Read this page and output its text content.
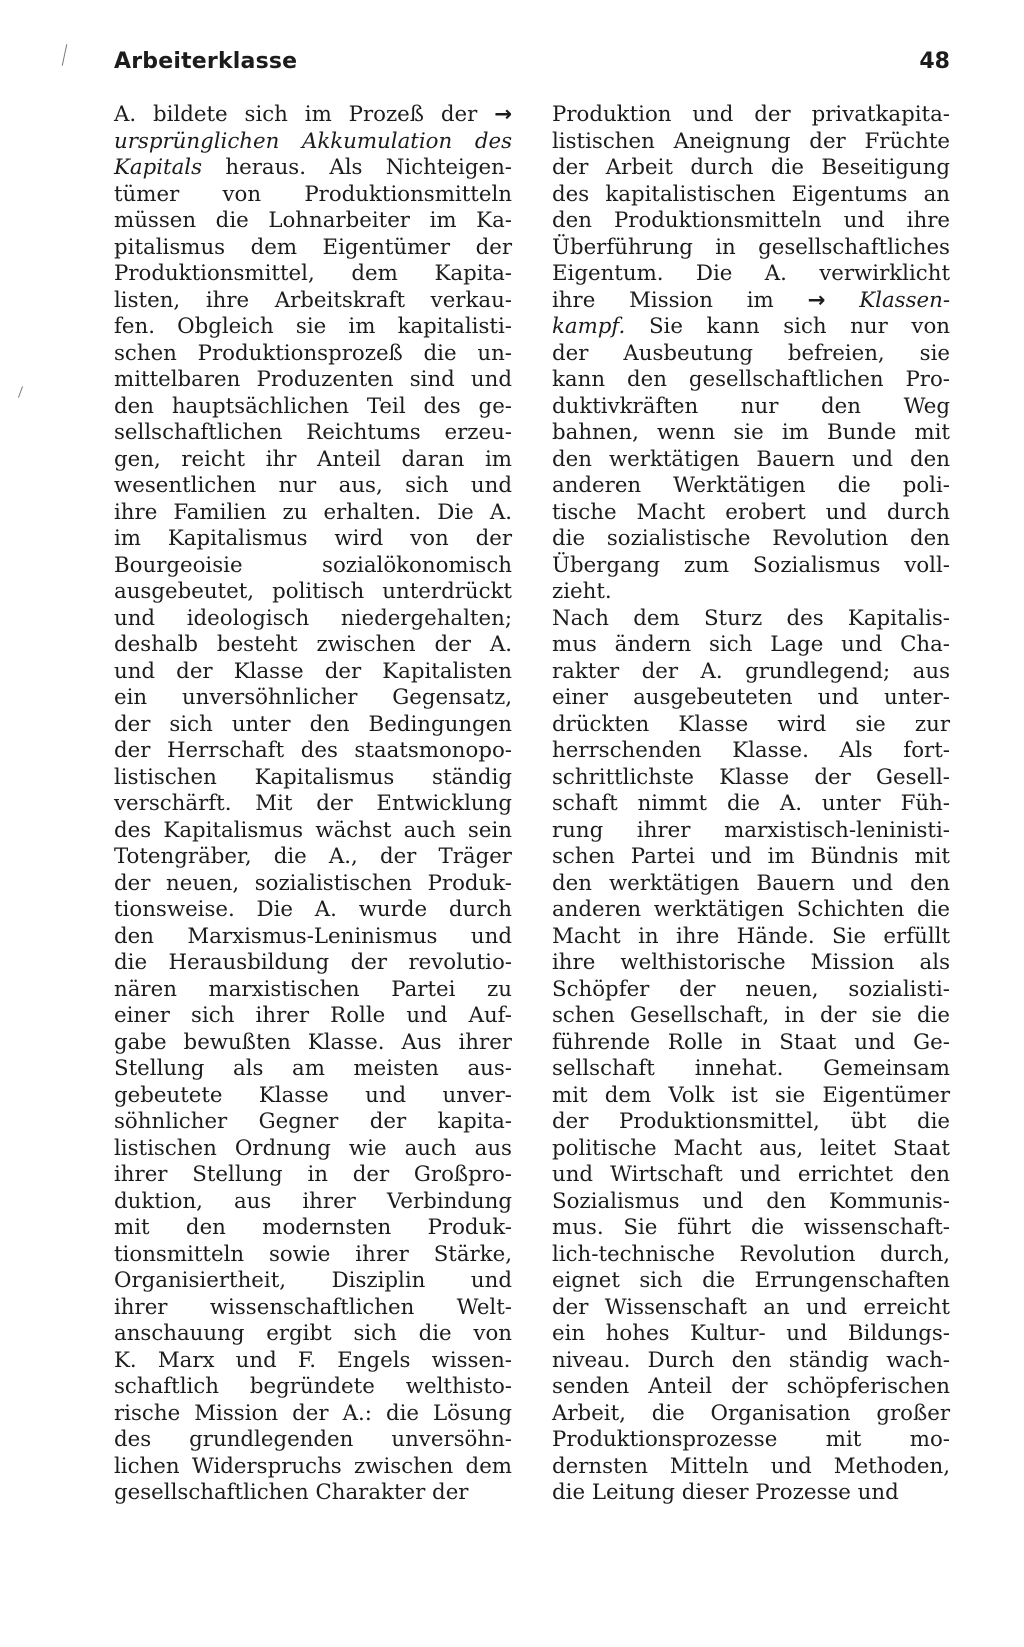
Arbeiterklasse	48
A. bildete sich im Prozeß der →
ursprünglichen Akkumulation des
Kapitals heraus. Als Nichteigen-
tümer von Produktionsmitteln
müssen die Lohnarbeiter im Ka-
pitalismus dem Eigentümer der
Produktionsmittel, dem Kapita-
listen, ihre Arbeitskraft verkau-
fen. Obgleich sie im kapitalisti-
schen Produktionsprozeß die un-
mittelbaren Produzenten sind und
den hauptsächlichen Teil des ge-
sellschaftlichen Reichtums erzeu-
gen, reicht ihr Anteil daran im
wesentlichen nur aus, sich und
ihre Familien zu erhalten. Die A.
im Kapitalismus wird von der
Bourgeoisie sozialökonomisch
ausgebeutet, politisch unterdrückt
und ideologisch niedergehalten;
deshalb besteht zwischen der A.
und der Klasse der Kapitalisten
ein unversöhnlicher Gegensatz,
der sich unter den Bedingungen
der Herrschaft des staatsmonopo-
listischen Kapitalismus ständig
verschärft. Mit der Entwicklung
des Kapitalismus wächst auch sein
Totengräber, die A., der Träger
der neuen, sozialistischen Produk-
tionsweise. Die A. wurde durch
den Marxismus-Leninismus und
die Herausbildung der revolutio-
nären marxistischen Partei zu
einer sich ihrer Rolle und Auf-
gabe bewußten Klasse. Aus ihrer
Stellung als am meisten aus-
gebeutete Klasse und unver-
söhnlicher Gegner der kapita-
listischen Ordnung wie auch aus
ihrer Stellung in der Großpro-
duktion, aus ihrer Verbindung
mit den modernsten Produk-
tionsmitteln sowie ihrer Stärke,
Organisiertheit, Disziplin und
ihrer wissenschaftlichen Welt-
anschauung ergibt sich die von
K. Marx und F. Engels wissen-
schaftlich begründete welthisto-
rische Mission der A.: die Lösung
des grundlegenden unversöhn-
lichen Widerspruchs zwischen dem
gesellschaftlichen Charakter der
Produktion und der privatkapita-
listischen Aneignung der Früchte
der Arbeit durch die Beseitigung
des kapitalistischen Eigentums an
den Produktionsmitteln und ihre
Überführung in gesellschaftliches
Eigentum. Die A. verwirklicht
ihre Mission im → Klassen-
kampf. Sie kann sich nur von
der Ausbeutung befreien, sie
kann den gesellschaftlichen Pro-
duktivkräften nur den Weg
bahnen, wenn sie im Bunde mit
den werktätigen Bauern und den
anderen Werktätigen die poli-
tische Macht erobert und durch
die sozialistische Revolution den
Übergang zum Sozialismus voll-
zieht.
Nach dem Sturz des Kapitalis-
mus ändern sich Lage und Cha-
rakter der A. grundlegend; aus
einer ausgebeuteten und unter-
drückten Klasse wird sie zur
herrschenden Klasse. Als fort-
schrittlichste Klasse der Gesell-
schaft nimmt die A. unter Füh-
rung ihrer marxistisch-leninisti-
schen Partei und im Bündnis mit
den werktätigen Bauern und den
anderen werktätigen Schichten die
Macht in ihre Hände. Sie erfüllt
ihre welthistorische Mission als
Schöpfer der neuen, sozialisti-
schen Gesellschaft, in der sie die
führende Rolle in Staat und Ge-
sellschaft innehat. Gemeinsam
mit dem Volk ist sie Eigentümer
der Produktionsmittel, übt die
politische Macht aus, leitet Staat
und Wirtschaft und errichtet den
Sozialismus und den Kommunis-
mus. Sie führt die wissenschaft-
lich-technische Revolution durch,
eignet sich die Errungenschaften
der Wissenschaft an und erreicht
ein hohes Kultur- und Bildungs-
niveau. Durch den ständig wach-
senden Anteil der schöpferischen
Arbeit, die Organisation großer
Produktionsprozesse mit mo-
dernsten Mitteln und Methoden,
die Leitung dieser Prozesse und
